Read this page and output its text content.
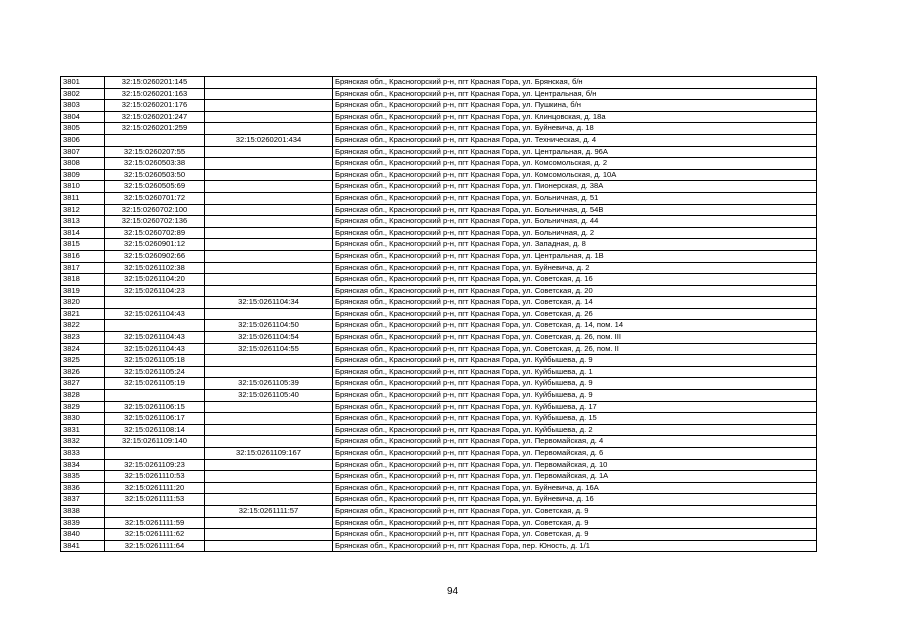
3801	32:15:0260201:145		Брянская обл., Красногорский р-н, пгт Красная Гора, ул. Брянская, б/н
3802	32:15:0260201:163		Брянская обл., Красногорский р-н, пгт Красная Гора, ул. Центральная, б/н
3803	32:15:0260201:176		Брянская обл., Красногорский р-н, пгт Красная Гора, ул. Пушкина, б/н
3804	32:15:0260201:247		Брянская обл., Красногорский р-н, пгт Красная Гора, ул. Клинцовская, д. 18а
3805	32:15:0260201:259		Брянская обл., Красногорский р-н, пгт Красная Гора, ул. Буйневича, д. 18
3806		32:15:0260201:434	Брянская обл., Красногорский р-н, пгт Красная Гора, ул. Техническая, д. 4
3807	32:15:0260207:55		Брянская обл., Красногорский р-н, пгт Красная Гора, ул. Центральная, д. 96А
3808	32:15:0260503:38		Брянская обл., Красногорский р-н, пгт Красная Гора, ул. Комсомольская, д. 2
3809	32:15:0260503:50		Брянская обл., Красногорский р-н, пгт Красная Гора, ул. Комсомольская, д. 10А
3810	32:15:0260505:69		Брянская обл., Красногорский р-н, пгт Красная Гора, ул. Пионерская, д. 38А
3811	32:15:0260701:72		Брянская обл., Красногорский р-н, пгт Красная Гора, ул. Больничная, д. 51
3812	32:15:0260702:100		Брянская обл., Красногорский р-н, пгт Красная Гора, ул. Больничная, д. 54В
3813	32:15:0260702:136		Брянская обл., Красногорский р-н, пгт Красная Гора, ул. Больничная, д. 44
3814	32:15:0260702:89		Брянская обл., Красногорский р-н, пгт Красная Гора, ул. Больничная, д. 2
3815	32:15:0260901:12		Брянская обл., Красногорский р-н, пгт Красная Гора, ул. Западная, д. 8
3816	32:15:0260902:66		Брянская обл., Красногорский р-н, пгт Красная Гора, ул. Центральная, д. 1В
3817	32:15:0261102:38		Брянская обл., Красногорский р-н, пгт Красная Гора, ул. Буйневича, д. 2
3818	32:15:0261104:20		Брянская обл., Красногорский р-н, пгт Красная Гора, ул. Советская, д. 16
3819	32:15:0261104:23		Брянская обл., Красногорский р-н, пгт Красная Гора, ул. Советская, д. 20
3820		32:15:0261104:34	Брянская обл., Красногорский р-н, пгт Красная Гора, ул. Советская, д. 14
3821	32:15:0261104:43		Брянская обл., Красногорский р-н, пгт Красная Гора, ул. Советская, д. 26
3822		32:15:0261104:50	Брянская обл., Красногорский р-н, пгт Красная Гора, ул. Советская, д. 14, пом. 14
3823	32:15:0261104:43	32:15:0261104:54	Брянская обл., Красногорский р-н, пгт Красная Гора, ул. Советская, д. 26, пом. III
3824	32:15:0261104:43	32:15:0261104:55	Брянская обл., Красногорский р-н, пгт Красная Гора, ул. Советская, д. 26, пом. II
3825	32:15:0261105:18		Брянская обл., Красногорский р-н, пгт Красная Гора, ул. Куйбышева, д. 9
3826	32:15:0261105:24		Брянская обл., Красногорский р-н, пгт Красная Гора, ул. Куйбышева, д. 1
3827	32:15:0261105:19	32:15:0261105:39	Брянская обл., Красногорский р-н, пгт Красная Гора, ул. Куйбышева, д. 9
3828		32:15:0261105:40	Брянская обл., Красногорский р-н, пгт Красная Гора, ул. Куйбышева, д. 9
3829	32:15:0261106:15		Брянская обл., Красногорский р-н, пгт Красная Гора, ул. Куйбышева, д. 17
3830	32:15:0261106:17		Брянская обл., Красногорский р-н, пгт Красная Гора, ул. Куйбышева, д. 15
3831	32:15:0261108:14		Брянская обл., Красногорский р-н, пгт Красная Гора, ул. Куйбышева, д. 2
3832	32:15:0261109:140		Брянская обл., Красногорский р-н, пгт Красная Гора, ул. Первомайская, д. 4
3833		32:15:0261109:167	Брянская обл., Красногорский р-н, пгт Красная Гора, ул. Первомайская, д. 6
3834	32:15:0261109:23		Брянская обл., Красногорский р-н, пгт Красная Гора, ул. Первомайская, д. 10
3835	32:15:0261110:53		Брянская обл., Красногорский р-н, пгт Красная Гора, ул. Первомайская, д. 1А
3836	32:15:0261111:20		Брянская обл., Красногорский р-н, пгт Красная Гора, ул. Буйневича, д. 16А
3837	32:15:0261111:53		Брянская обл., Красногорский р-н, пгт Красная Гора, ул. Буйневича, д. 16
3838		32:15:0261111:57	Брянская обл., Красногорский р-н, пгт Красная Гора, ул. Советская, д. 9
3839	32:15:0261111:59		Брянская обл., Красногорский р-н, пгт Красная Гора, ул. Советская, д. 9
3840	32:15:0261111:62		Брянская обл., Красногорский р-н, пгт Красная Гора, ул. Советская, д. 9
3841	32:15:0261111:64		Брянская обл., Красногорский р-н, пгт Красная Гора, пер. Юность, д. 1/1
94
